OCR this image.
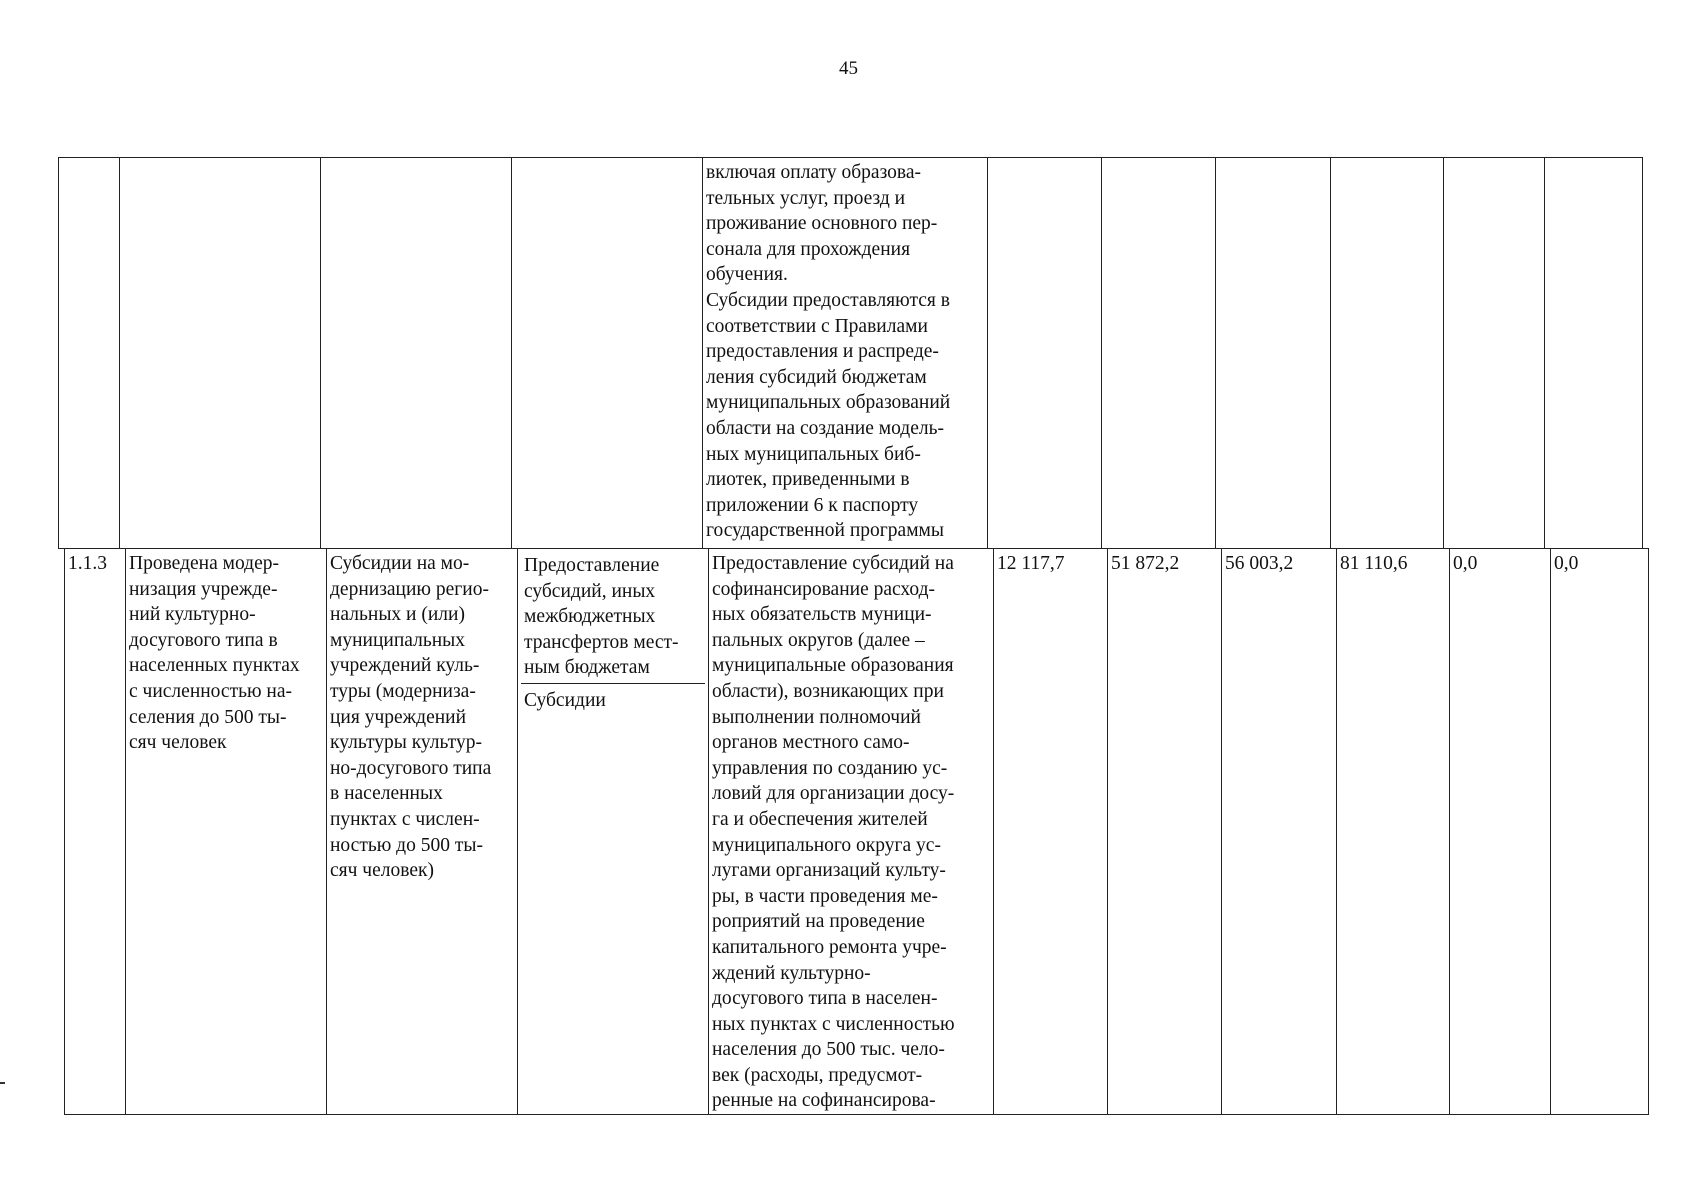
45

включая оплату образова-
тельных услуг, проезд и
проживание основного пер-
сонала для прохождения
обучения.
Субсидии предоставляются в
соответствии с Правилами
предоставления и распреде-
ления субсидий бюджетам
муниципальных образований
области на создание модель-
ных муниципальных биб-
лиотек, приведенными в
приложении 6 к паспорту
государственной программы

1.1.3	Проведена модер-
низация учрежде-
ний культурно-
досугового типа в
населенных пунктах
с численностью на-
селения до 500 ты-
сяч человек

Субсидии на мо-
дернизацию регио-
нальных и (или)
муниципальных
учреждений куль-
туры (модерниза-
ция учреждений
культуры культур-
но-досугового типа
в населенных
пунктах с числен-
ностью до 500 ты-
сяч человек)

Предоставление
субсидий, иных
межбюджетных
трансфертов мест-
ным бюджетам
Субсидии

Предоставление субсидий на
софинансирование расход-
ных обязательств муници-
пальных округов (далее –
муниципальные образования
области), возникающих при
выполнении полномочий
органов местного само-
управления по созданию ус-
ловий для организации досу-
га и обеспечения жителей
муниципального округа ус-
лугами организаций культу-
ры, в части проведения ме-
роприятий на проведение
капитального ремонта учре-
ждений культурно-
досугового типа в населен-
ных пунктах с численностью
населения до 500 тыс. чело-
век (расходы, предусмот-
ренные на софинансирова-
	12 117,7	51 872,2	56 003,2	81 110,6	0,0	0,0
